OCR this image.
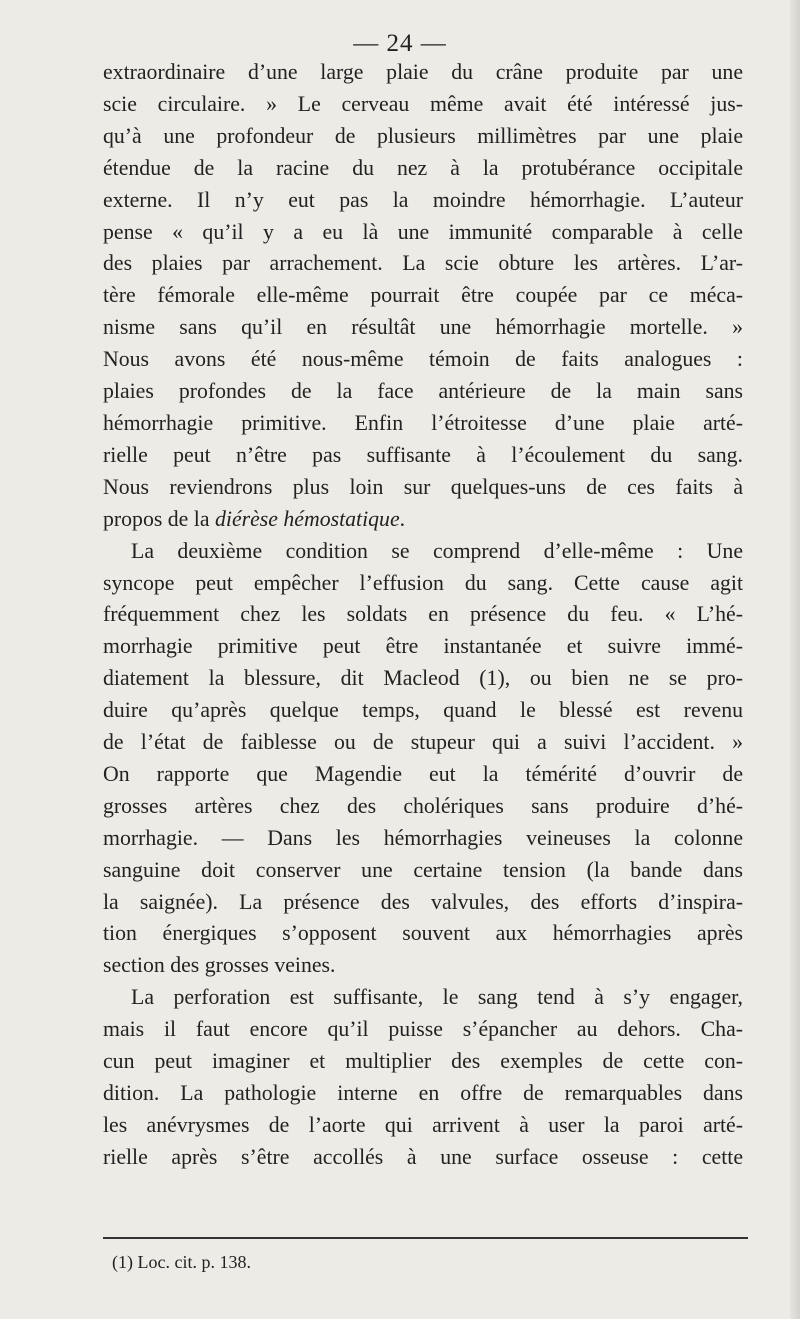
— 24 —
extraordinaire d’une large plaie du crâne produite par une
scie circulaire. » Le cerveau même avait été intéressé jus-
qu’à une profondeur de plusieurs millimètres par une plaie
étendue de la racine du nez à la protubérance occipitale
externe. Il n’y eut pas la moindre hémorrhagie. L’auteur
pense « qu’il y a eu là une immunité comparable à celle
des plaies par arrachement. La scie obture les artères. L’ar-
tère fémorale elle-même pourrait être coupée par ce méca-
nisme sans qu’il en résultât une hémorrhagie mortelle. »
Nous avons été nous-même témoin de faits analogues :
plaies profondes de la face antérieure de la main sans
hémorrhagie primitive. Enfin l’étroitesse d’une plaie arté-
rielle peut n’être pas suffisante à l’écoulement du sang.
Nous reviendrons plus loin sur quelques-uns de ces faits à
propos de la diérèse hémostatique.
La deuxième condition se comprend d’elle-même : Une
syncope peut empêcher l’effusion du sang. Cette cause agit
fréquemment chez les soldats en présence du feu. « L’hé-
morrhagie primitive peut être instantanée et suivre immé-
diatement la blessure, dit Macleod (1), ou bien ne se pro-
duire qu’après quelque temps, quand le blessé est revenu
de l’état de faiblesse ou de stupeur qui a suivi l’accident. »
On rapporte que Magendie eut la témérité d’ouvrir de
grosses artères chez des cholériques sans produire d’hé-
morrhagie. — Dans les hémorrhagies veineuses la colonne
sanguine doit conserver une certaine tension (la bande dans
la saignée). La présence des valvules, des efforts d’inspira-
tion énergiques s’opposent souvent aux hémorrhagies après
section des grosses veines.
La perforation est suffisante, le sang tend à s’y engager,
mais il faut encore qu’il puisse s’épancher au dehors. Cha-
cun peut imaginer et multiplier des exemples de cette con-
dition. La pathologie interne en offre de remarquables dans
les anévrysmes de l’aorte qui arrivent à user la paroi arté-
rielle après s’être accollés à une surface osseuse : cette
(1) Loc. cit. p. 138.
